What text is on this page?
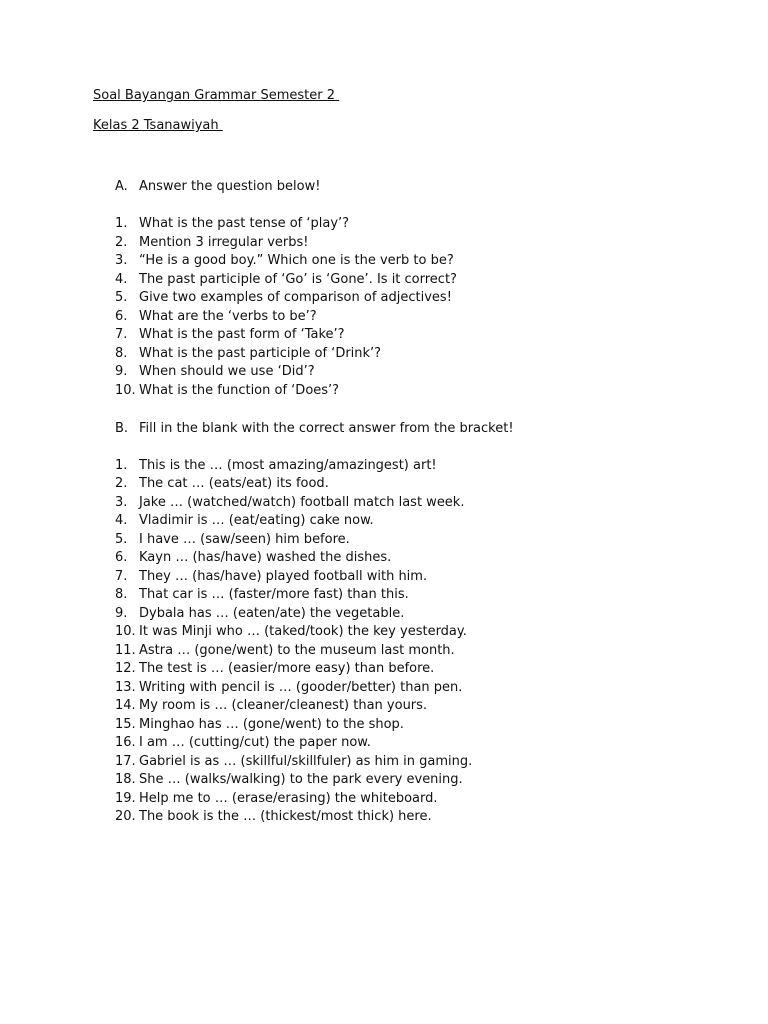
Soal Bayangan Grammar Semester 2
Kelas 2 Tsanawiyah
A. Answer the question below!
1. What is the past tense of ‘play’?
2. Mention 3 irregular verbs!
3. “He is a good boy.” Which one is the verb to be?
4. The past participle of ‘Go’ is ‘Gone’. Is it correct?
5. Give two examples of comparison of adjectives!
6. What are the ‘verbs to be’?
7. What is the past form of ‘Take’?
8. What is the past participle of ‘Drink’?
9. When should we use ‘Did’?
10. What is the function of ‘Does’?
B. Fill in the blank with the correct answer from the bracket!
1. This is the … (most amazing/amazingest) art!
2. The cat … (eats/eat) its food.
3. Jake … (watched/watch) football match last week.
4. Vladimir is … (eat/eating) cake now.
5. I have … (saw/seen) him before.
6. Kayn … (has/have) washed the dishes.
7. They … (has/have) played football with him.
8. That car is … (faster/more fast) than this.
9. Dybala has … (eaten/ate) the vegetable.
10. It was Minji who … (taked/took) the key yesterday.
11. Astra … (gone/went) to the museum last month.
12. The test is … (easier/more easy) than before.
13. Writing with pencil is … (gooder/better) than pen.
14. My room is … (cleaner/cleanest) than yours.
15. Minghao has … (gone/went) to the shop.
16. I am … (cutting/cut) the paper now.
17. Gabriel is as … (skillful/skillfuler) as him in gaming.
18. She … (walks/walking) to the park every evening.
19. Help me to … (erase/erasing) the whiteboard.
20. The book is the … (thickest/most thick) here.
